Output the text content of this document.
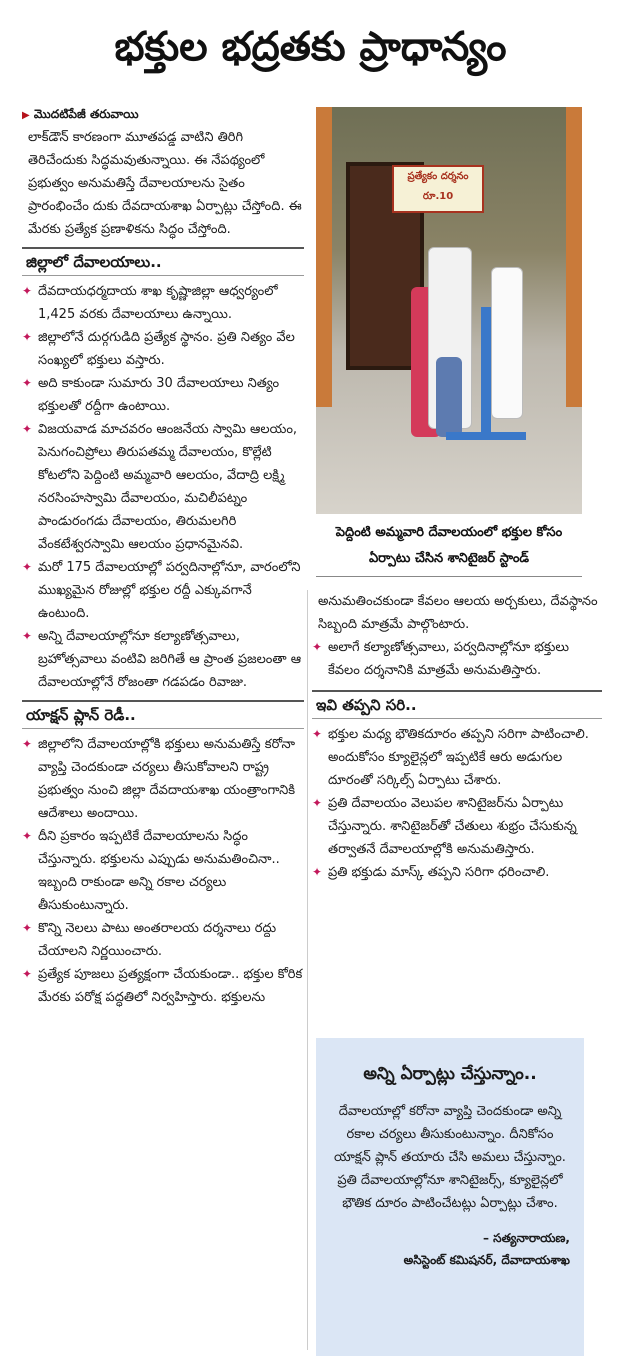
భక్తుల భద్రతకు ప్రాధాన్యం
▶ మొదటిపేజీ తరువాయి

లాక్‌డౌన్ కారణంగా మూతపడ్డ వాటిని తిరిగి తెరిచేందుకు సిద్ధమవుతున్నాయి. ఈ నేపథ్యంలో ప్రభుత్వం అనుమతిస్తే దేవాలయాలను సైతం ప్రారంభించేం దుకు దేవదాయశాఖ ఏర్పాట్లు చేస్తోంది. ఈ మేరకు ప్రత్యేక ప్రణాళికను సిద్ధం చేస్తోంది.

జిల్లాలో దేవాలయాలు..

✦ దేవదాయధర్మదాయ శాఖ కృష్ణాజిల్లా ఆధ్వర్యంలో 1,425 వరకు దేవాలయాలు ఉన్నాయి.

✦ జిల్లాలోనే దుర్గగుడిది ప్రత్యేక స్థానం. ప్రతి నిత్యం వేల సంఖ్యలో భక్తులు వస్తారు.

✦ అది కాకుండా సుమారు 30 దేవాలయాలు నిత్యం భక్తులతో రద్దీగా ఉంటాయి.

✦ విజయవాడ మాచవరం ఆంజనేయ స్వామి ఆలయం, పెనుగంచిప్రోలు తిరుపతమ్మ దేవాలయం, కొల్లేటి కోటలోని పెద్దింటి అమ్మవారి ఆలయం, వేదాద్రి లక్ష్మి నరసింహస్వామి దేవాలయం, మచిలీపట్నం పాండురంగడు దేవాలయం, తిరుమలగిరి వేంకటేశ్వరస్వామి ఆలయం ప్రధానమైనవి.

✦ మరో 175 దేవాలయాల్లో పర్వదినాల్లోనూ, వారంలోని ముఖ్యమైన రోజుల్లో భక్తుల రద్దీ ఎక్కువగానే ఉంటుంది.

✦ అన్ని దేవాలయాల్లోనూ కల్యాణోత్సవాలు, బ్రహోత్సవాలు వంటివి జరిగితే ఆ ప్రాంత ప్రజలంతా ఆ దేవాలయాల్లోనే రోజంతా గడపడం రివాజు.

యాక్షన్ ప్లాన్ రెడీ..

✦ జిల్లాలోని దేవాలయాల్లోకి భక్తులు అనుమతిస్తే కరోనా వ్యాప్తి చెందకుండా చర్యలు తీసుకోవాలని రాష్ట్ర ప్రభుత్వం నుంచి జిల్లా దేవదాయశాఖ యంత్రాంగానికి ఆదేశాలు అందాయి.

✦ దీని ప్రకారం ఇప్పటికే దేవాలయాలను సిద్ధం చేస్తున్నారు. భక్తులను ఎప్పుడు అనుమతించినా.. ఇబ్బంది రాకుండా అన్ని రకాల చర్యలు తీసుకుంటున్నారు.

✦ కొన్ని నెలలు పాటు అంతరాలయ దర్శనాలు రద్దు చేయాలని నిర్ణయించారు.

✦ ప్రత్యేక పూజలు ప్రత్యక్షంగా చేయకుండా.. భక్తుల కోరిక మేరకు పరోక్ష పద్ధతిలో నిర్వహిస్తారు. భక్తులను

ప్రత్యేకం దర్శనం రూ.10
పెద్దింటి అమ్మవారి దేవాలయంలో భక్తుల కోసం ఏర్పాటు చేసిన శానిటైజర్ స్టాండ్

అనుమతించకుండా కేవలం ఆలయ అర్చకులు, దేవస్థానం సిబ్బంది మాత్రమే పాల్గొంటారు.

✦ అలాగే కల్యాణోత్సవాలు, పర్వదినాల్లోనూ భక్తులు కేవలం దర్శనానికి మాత్రమే అనుమతిస్తారు.

ఇవి తప్పని సరి..

✦ భక్తుల మధ్య భౌతికదూరం తప్పని సరిగా పాటించాలి. అందుకోసం క్యూలైన్లలో ఇప్పటికే ఆరు అడుగుల దూరంతో సర్కిల్స్ ఏర్పాటు చేశారు.

✦ ప్రతి దేవాలయం వెలుపల శానిటైజర్‌ను ఏర్పాటు చేస్తున్నారు. శానిటైజర్‌తో చేతులు శుభ్రం చేసుకున్న తర్వాతనే దేవాలయాల్లోకి అనుమతిస్తారు.

✦ ప్రతి భక్తుడు మాస్క్ తప్పని సరిగా ధరించాలి.

అన్ని ఏర్పాట్లు చేస్తున్నాం..

దేవాలయాల్లో కరోనా వ్యాప్తి చెందకుండా అన్ని రకాల చర్యలు తీసుకుంటున్నాం. దీనికోసం యాక్షన్ ప్లాన్ తయారు చేసి అమలు చేస్తున్నాం. ప్రతి దేవాలయాల్లోనూ శానిటైజర్స్, క్యూలైన్లలో భౌతిక దూరం పాటించేటట్లు ఏర్పాట్లు చేశాం.

– సత్యనారాయణ,
అసిస్టెంట్ కమిషనర్, దేవాదాయశాఖ
